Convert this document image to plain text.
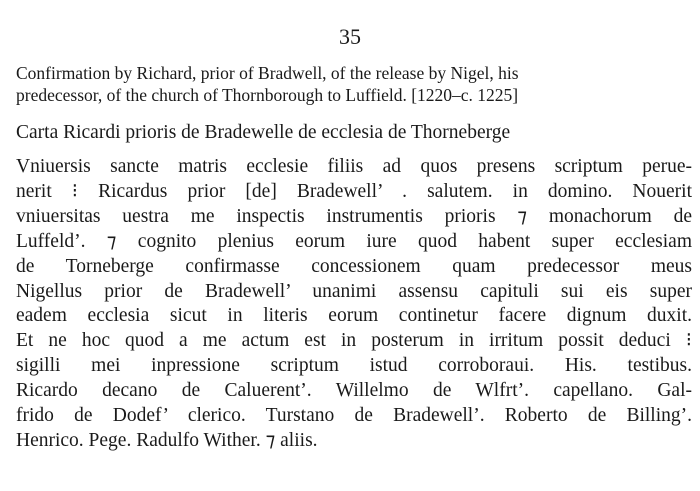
35
Confirmation by Richard, prior of Bradwell, of the release by Nigel, his
predecessor, of the church of Thornborough to Luffield. [1220–c. 1225]
Carta Ricardi prioris de Bradewelle de ecclesia de Thorneberge
Vniuersis sancte matris ecclesie filiis ad quos presens scriptum perue-
nerit ⁝ Ricardus prior [de] Bradewell’ . salutem. in domino. Nouerit
vniuersitas uestra me inspectis instrumentis prioris ⁊ monachorum de
Luffeld’. ⁊ cognito plenius eorum iure quod habent super ecclesiam
de Torneberge confirmasse concessionem quam predecessor meus
Nigellus prior de Bradewell’ unanimi assensu capituli sui eis super
eadem ecclesia sicut in literis eorum continetur facere dignum duxit.
Et ne hoc quod a me actum est in posterum in irritum possit deduci ⁝
sigilli mei inpressione scriptum istud corroboraui. His. testibus.
Ricardo decano de Caluerent’. Willelmo de Wlfrt’. capellano. Gal-
frido de Dodef’ clerico. Turstano de Bradewell’. Roberto de Billing’.
Henrico. Pege. Radulfo Wither. ⁊ aliis.
